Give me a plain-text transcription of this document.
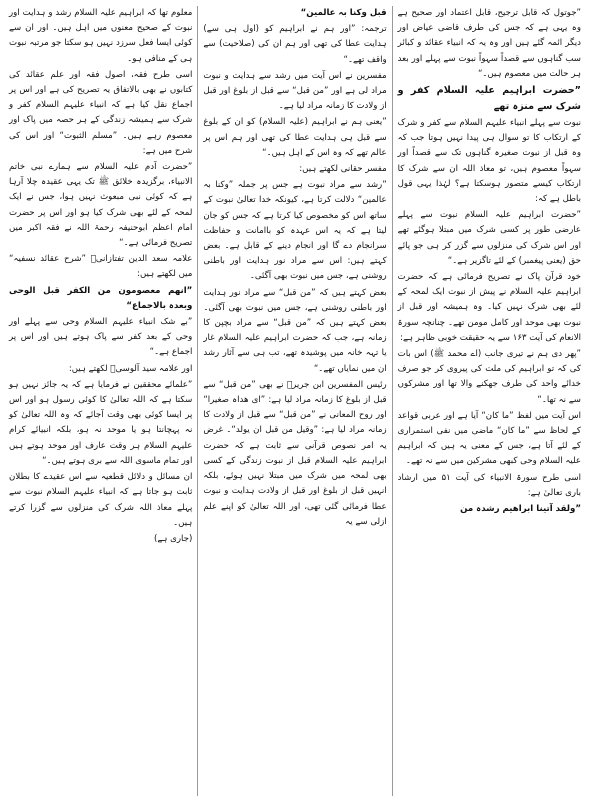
”جوتول کہ قابل ترجیح، قابل اعتماد اور صحیح ہے وہ یہی ہے کہ جس کی طرف قاضی عیاض اور دیگر ائمہ گئے ہیں اور وہ یہ کہ انبیاء عقائد و کبائر سب گناہوں سے قصداً سہواً نبوت سے پہلے اور بعد ہر حالت میں معصوم ہیں۔“

”حضرت ابراہیم علیہ السلام کفر و شرک سے منزہ تھے

نبوت سے پہلے انبیاء علیہم السلام سے کفر و شرک کے ارتکاب کا تو سوال ہی پیدا نہیں ہوتا جب کہ وہ قبل از نبوت صغیرہ گناہوں تک سے قصداً اور سہواً معصوم ہیں، تو معاذ اللہ ان سے شرک کا ارتکاب کیسے متصور ہوسکتا ہے؟ لہٰذا یہی قول باطل ہے کہ:

”حضرت ابراہیم علیہ السلام نبوت سے پہلے عارضی طور پر کسی شرک میں مبتلا ہوگئے تھے اور اس شرک کی منزلوں سے گزر کر ہی جو پائے حق (یعنی پیغمبر) کے لئے تاگزیر ہے۔“

خود قرآن پاک نے تصریح فرمائی ہے کہ حضرت ابراہیم علیہ السلام نے پیش از نبوت ایک لمحہ کے لئے بھی شرک نہیں کیا۔ وہ ہمیشہ اور قبل از نبوت بھی موحد اور کامل مومن تھے۔ چنانچہ سورۃ الانعام کی آیت ۱۶۳ سے یہ حقیقت خوبی ظاہر ہے:

”پھر دی ہم نے تیری جانب (اے محمد ﷺ) اس بات کی کہ تو ابراہیم کی ملت کی پیروی کر جو صرف خدائے واحد کی طرف جھکنے والا تھا اور مشرکوں سے نہ تھا۔“

اس آیت میں لفظ ”ما کان“ آیا ہے اور عربی قواعد کے لحاظ سے ”ما کان“ ماضی میں نفی استمراری کے لئے آتا ہے، جس کے معنی یہ ہیں کہ ابراہیم علیہ السلام وحی کبھی مشرکین میں سے نہ تھے۔

اسی طرح سورۃ الانبیاء کی آیت ۵۱ میں ارشاد باری تعالیٰ ہے:

”ولقد آتینا ابراھیم رشدہ من

قبل وکنا بہ عالمین“

ترجمہ: ”اور ہم نے ابراہیم کو (اول ہی سے) ہدایت عطا کی تھی اور ہم ان کی (صلاحیت) سے واقف تھے۔“

مفسرین نے اس آیت میں رشد سے ہدایت و نبوت مراد لی ہے اور ”من قبل“ سے قبل از بلوغ اور قبل از ولادت کا زمانہ مراد لیا ہے۔

”یعنی ہم نے ابراہیم (علیہ السلام) کو ان کے بلوغ سے قبل ہی ہدایت عطا کی تھی اور ہم اس پر عالم تھے کہ وہ اس کے اہل ہیں۔“

مفسر حقانی لکھتے ہیں:

”رشد سے مراد نبوت ہے جس پر جملہ ”وکنا بہ عالمین“ دلالت کرتا ہے، کیونکہ خدا تعالیٰ نبوت کے ساتھ اس کو مخصوص کیا کرتا ہے کہ جس کو جان لیتا ہے کہ یہ اس عہدہ کو باامانت و حفاظت سرانجام دے گا اور انجام دینے کے قابل ہے۔ بعض کہتے ہیں: اس سے مراد نور ہدایت اور باطنی روشنی ہے، جس میں نبوت بھی آگئی۔

بعض کہتے ہیں کہ ”من قبل“ سے مراد نور ہدایت اور باطنی روشنی ہے، جس میں نبوت بھی آگئی۔ بعض کہتے ہیں کہ ”من قبل“ سے مراد بچپن کا زمانہ ہے، جب کہ حضرت ابراہیم علیہ السلام غار یا تہہ خانہ میں پوشیدہ تھے، تب ہی سے آثار رشد ان میں نمایاں تھے۔“

رئیس المفسرین ابن جریرؒ نے بھی ”من قبل“ سے قبل از بلوغ کا زمانہ مراد لیا ہے: ”ای ھداہ صغیرا“ اور روح المعانی نے ”من قبل“ سے قبل از ولادت کا زمانہ مراد لیا ہے: ”وقیل من قبل ان یولد“۔ غرض یہ امر نصوص قرآنی سے ثابت ہے کہ حضرت ابراہیم علیہ السلام قبل از نبوت زندگی کے کسی بھی لمحہ میں شرک میں مبتلا نہیں ہوئے، بلکہ انہیں قبل از بلوغ اور قبل از ولادت ہدایت و نبوت عطا فرمائی گئی تھی، اور اللہ تعالیٰ کو اپنے علم ازلی سے یہ

معلوم تھا کہ ابراہیم علیہ السلام رشد و ہدایت اور نبوت کے صحیح معنوں میں اہل ہیں۔ اور ان سے کوئی ایسا فعل سرزد نہیں ہو سکتا جو مرتبہ نبوت ہی کے منافی ہو۔

اسی طرح فقہ، اصول فقہ اور علم عقائد کی کتابوں نے بھی بالاتفاق یہ تصریح کی ہے اور اس پر اجماع نقل کیا ہے کہ انبیاء علیہم السلام کفر و شرک سے ہمیشہ زندگی کے ہر حصہ میں پاک اور معصوم رہے ہیں۔ ”مسلم الثبوت“ اور اس کی شرح میں ہے:

”حضرت آدم علیہ السلام سے ہمارے نبی خاتم الانبیاء، برگزیدہ خلائق ﷺ تک یہی عقیدہ چلا آرہا ہے کہ کوئی نبی مبعوث نہیں ہوا، جس نے ایک لمحہ کے لئے بھی شرک کیا ہو اور اس پر حضرت امام اعظم ابوحنیفہ رحمۃ اللہ نے فقہ اکبر میں تصریح فرمائی ہے۔“

علامہ سعد الدین تفتازانیؒ ”شرح عقائد نسفیہ“ میں لکھتے ہیں:

”انھم معصومون من الکفر قبل الوحی وبعدہ بالاجماع“

”بے شک انبیاء علیہم السلام وحی سے پہلے اور وحی کے بعد کفر سے پاک ہوتے ہیں اور اس پر اجماع ہے۔“

اور علامہ سید آلوسیؒ لکھتے ہیں:

”علمائے محققین نے فرمایا ہے کہ یہ جائز نہیں ہو سکتا ہے کہ اللہ تعالیٰ کا کوئی رسول ہو اور اس پر ایسا کوئی بھی وقت آجائے کہ وہ اللہ تعالیٰ کو نہ پہچانتا ہو یا موحد نہ ہو، بلکہ انبیائے کرام علیہم السلام ہر وقت عارف اور موحد ہوتے ہیں اور تمام ماسوی اللہ سے بری ہوتے ہیں۔“

ان مسائل و دلائل قطعیہ سے اس عقیدے کا بطلان ثابت ہو جاتا ہے کہ انبیاء علیہم السلام نبوت سے پہلے معاذ اللہ شرک کی منزلوں سے گزرا کرتے ہیں۔

(جاری ہے)
